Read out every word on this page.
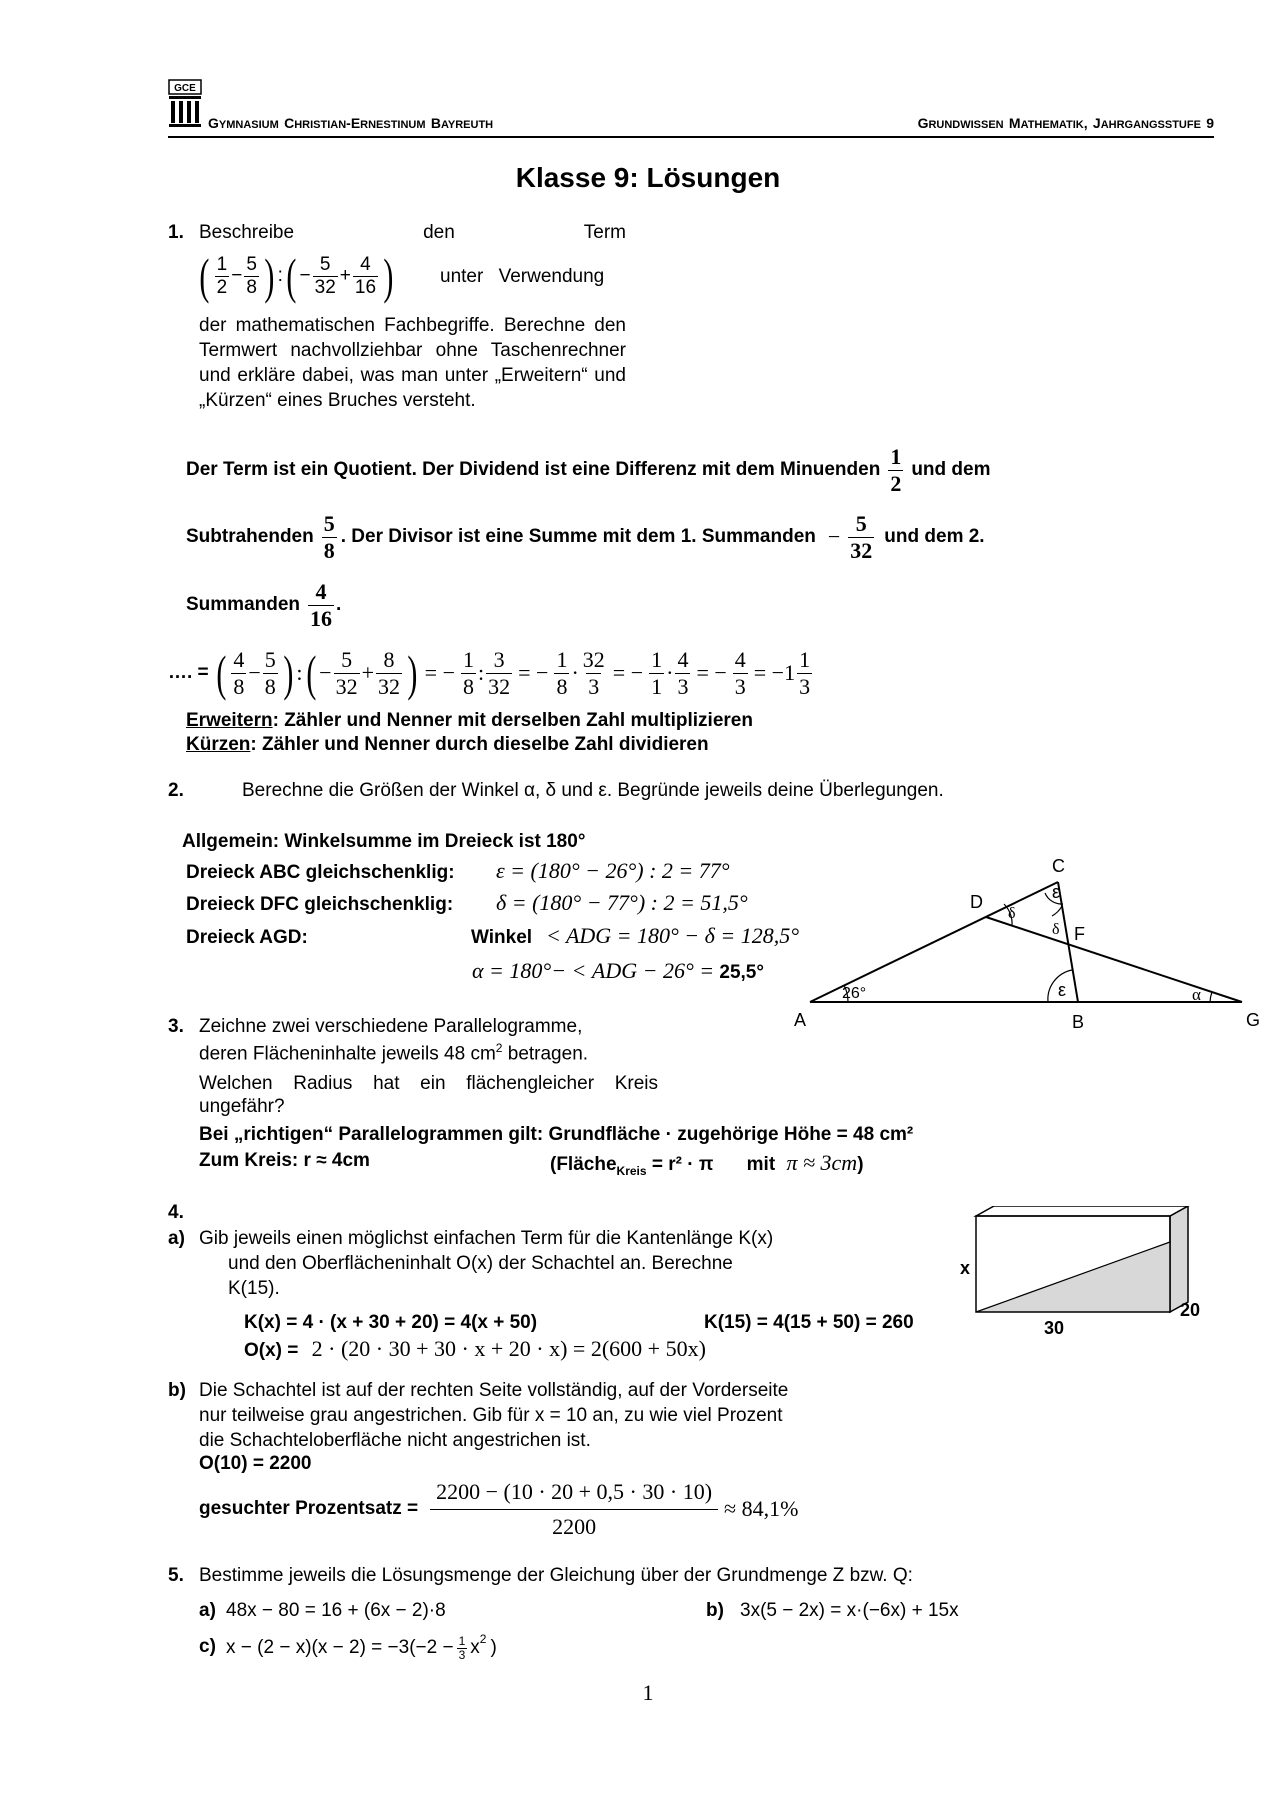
GCE
GYMNASIUM CHRISTIAN-ERNESTINUM BAYREUTH	GRUNDWISSEN MATHEMATIK, JAHRGANGSSTUFE 9
Klasse 9: Lösungen
1. Beschreibe	den	Term
( $\frac{1}{2} - \frac{5}{8}$ ) : ( − $\frac{5}{32} + \frac{4}{16}$ ) unter Verwendung
der mathematischen Fachbegriffe. Berechne den Termwert nachvollziehbar ohne Taschenrechner und erkläre dabei, was man unter „Erweitern“ und „Kürzen“ eines Bruches versteht.
Der Term ist ein Quotient. Der Dividend ist eine Differenz mit dem Minuenden $\frac{1}{2}$ und dem
Subtrahenden $\frac{5}{8}$ . Der Divisor ist eine Summe mit dem 1. Summanden − $\frac{5}{32}$ und dem 2.
Summanden $\frac{4}{16}$ .
…. = ( $\frac{4}{8} - \frac{5}{8}$ ) : ( − $\frac{5}{32} + \frac{8}{32}$ ) = − $\frac{1}{8}$ : $\frac{3}{32}$ = − $\frac{1}{8} \cdot \frac{32}{3}$ = − $\frac{1}{1} \cdot \frac{4}{3}$ = − $\frac{4}{3} = -1 \frac{1}{3}$
Erweitern: Zähler und Nenner mit derselben Zahl multiplizieren
Kürzen: Zähler und Nenner durch dieselbe Zahl dividieren
2.	Berechne die Größen der Winkel α, δ und ε. Begründe jeweils deine Überlegungen.
Allgemein: Winkelsumme im Dreieck ist 180°
Dreieck ABC gleichschenklig: ε = (180° − 26°) : 2 = 77°
Dreieck DFC gleichschenklig: δ = (180° − 77°) : 2 = 51,5°
Dreieck AGD:	Winkel < ADG = 180° − δ = 128,5°
α = 180°− < ADG − 26° = 25,5°
A	B
C
D
F
G
26°	ε
ε
δ
δ
α
3. Zeichne zwei verschiedene Parallelogramme,
deren Flächeninhalte jeweils 48 $cm^2$ betragen.
Welchen Radius hat ein flächengleicher Kreis ungefähr?
Bei „richtigen“ Parallelogrammen gilt: Grundfläche · zugehörige Höhe = 48 cm²
Zum Kreis: r ≈ 4cm	(Fläche$_{Kreis}$ = r² · π mit π ≈ 3cm)
4.
a) Gib jeweils einen möglichst einfachen Term für die Kantenlänge K(x)
und den Oberflächeninhalt O(x) der Schachtel an. Berechne
K(15).
K(x) = 4 · (x + 30 + 20) = 4(x + 50)	K(15) = 4(15 + 50) = 260
O(x) = 2 · (20 · 30 + 30 · x + 20 · x) = 2(600 + 50x)
x
30
20
b) Die Schachtel ist auf der rechten Seite vollständig, auf der Vorderseite
nur teilweise grau angestrichen. Gib für x = 10 an, zu wie viel Prozent
die Schachteloberfläche nicht angestrichen ist.
O(10) = 2200
gesuchter Prozentsatz = $\frac{2200 - (10 \cdot 20 + 0,5 \cdot 30 \cdot 10)}{2200} \approx 84,1\%$
5. Bestimme jeweils die Lösungsmenge der Gleichung über der Grundmenge Z bzw. Q:
a) 48x − 80 = 16 + (6x − 2)·8	b) 3x(5 − 2x) = x·(−6x) + 15x
c) $x - (2 - x)(x - 2) = -3(-2 - \frac{1}{3} x^2$ )
1
